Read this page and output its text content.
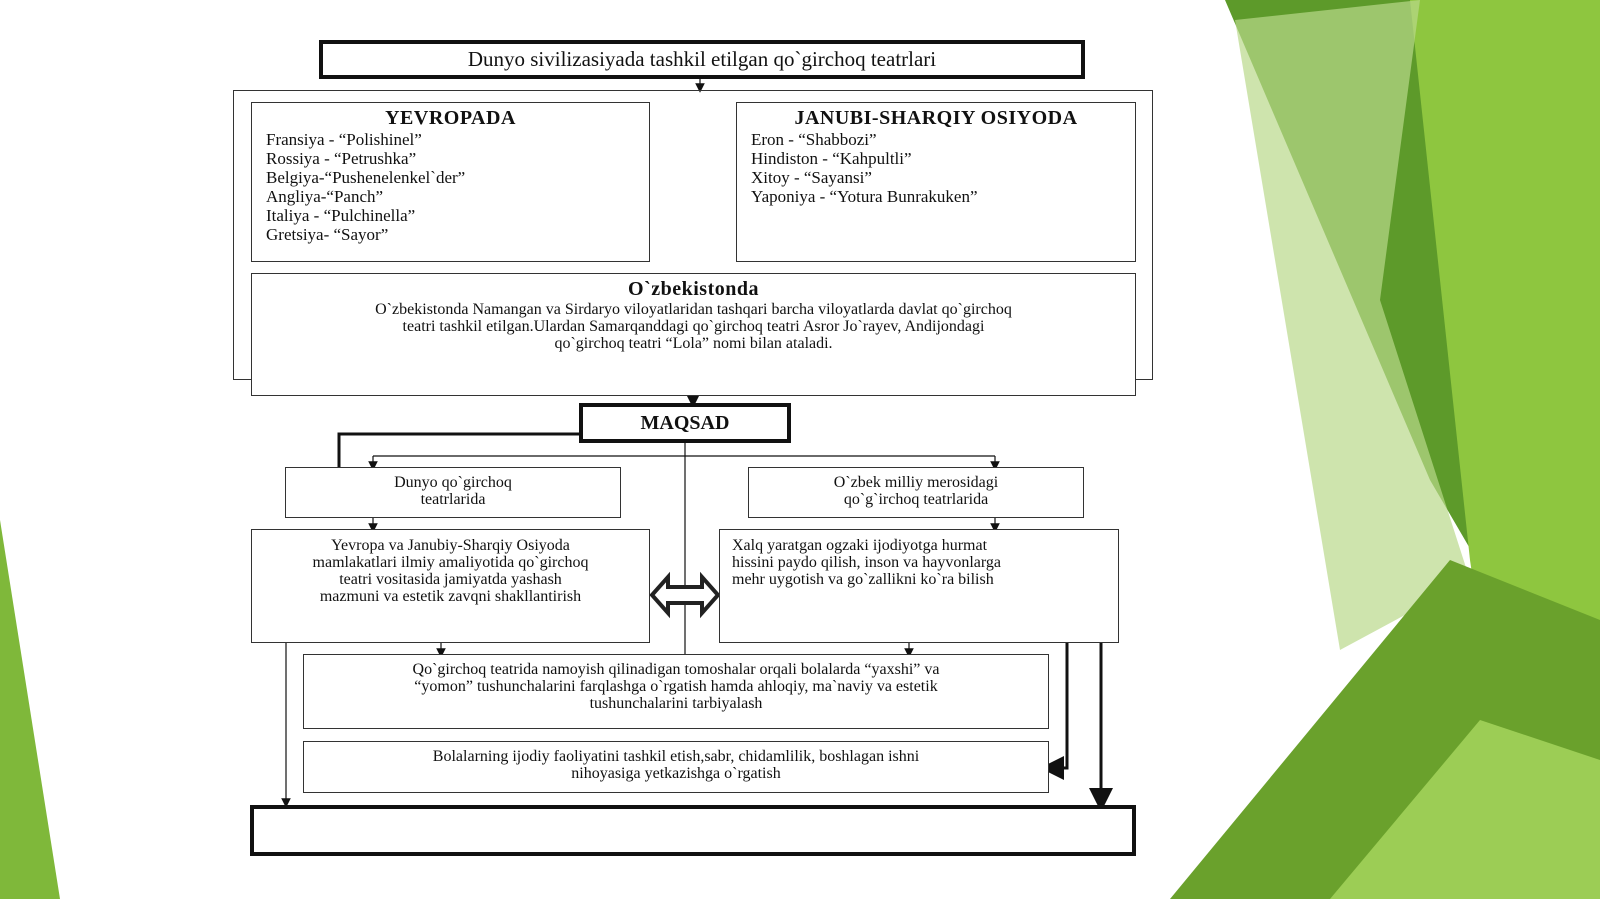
Dunyo sivilizasiyada tashkil etilgan qo`girchoq teatrlari
YEVROPADA
Fransiya - “Polishinel”
Rossiya - “Petrushka”
Belgiya-“Pushenelenkel`der”
Angliya-“Panch”
Italiya - “Pulchinella”
Gretsiya- “Sayor”
JANUBI-SHARQIY OSIYODA
Eron - “Shabbozi”
Hindiston - “Kahpultli”
Xitoy - “Sayansi”
Yaponiya - “Yotura Bunrakuken”
O`zbekistonda
O`zbekistonda Namangan va Sirdaryo viloyatlaridan tashqari barcha viloyatlarda davlat qo`girchoq
teatri tashkil etilgan.Ulardan Samarqanddagi qo`girchoq teatri Asror Jo`rayev, Andijondagi
qo`girchoq teatri “Lola” nomi bilan ataladi.
MAQSAD
Dunyo qo`girchoq
teatrlarida
O`zbek milliy merosidagi
qo`g`irchoq teatrlarida
Yevropa va Janubiy-Sharqiy Osiyoda
mamlakatlari ilmiy amaliyotida qo`girchoq
teatri vositasida jamiyatda yashash
mazmuni va estetik zavqni shakllantirish
Xalq yaratgan ogzaki ijodiyotga hurmat
hissini paydo qilish, inson va hayvonlarga
mehr uygotish va go`zallikni ko`ra bilish
Qo`girchoq teatrida namoyish qilinadigan tomoshalar orqali bolalarda “yaxshi” va
“yomon” tushunchalarini farqlashga o`rgatish hamda ahloqiy, ma`naviy va estetik
tushunchalarini tarbiyalash
Bolalarning ijodiy faoliyatini tashkil etish,sabr, chidamlilik, boshlagan ishni
nihoyasiga yetkazishga o`rgatish
